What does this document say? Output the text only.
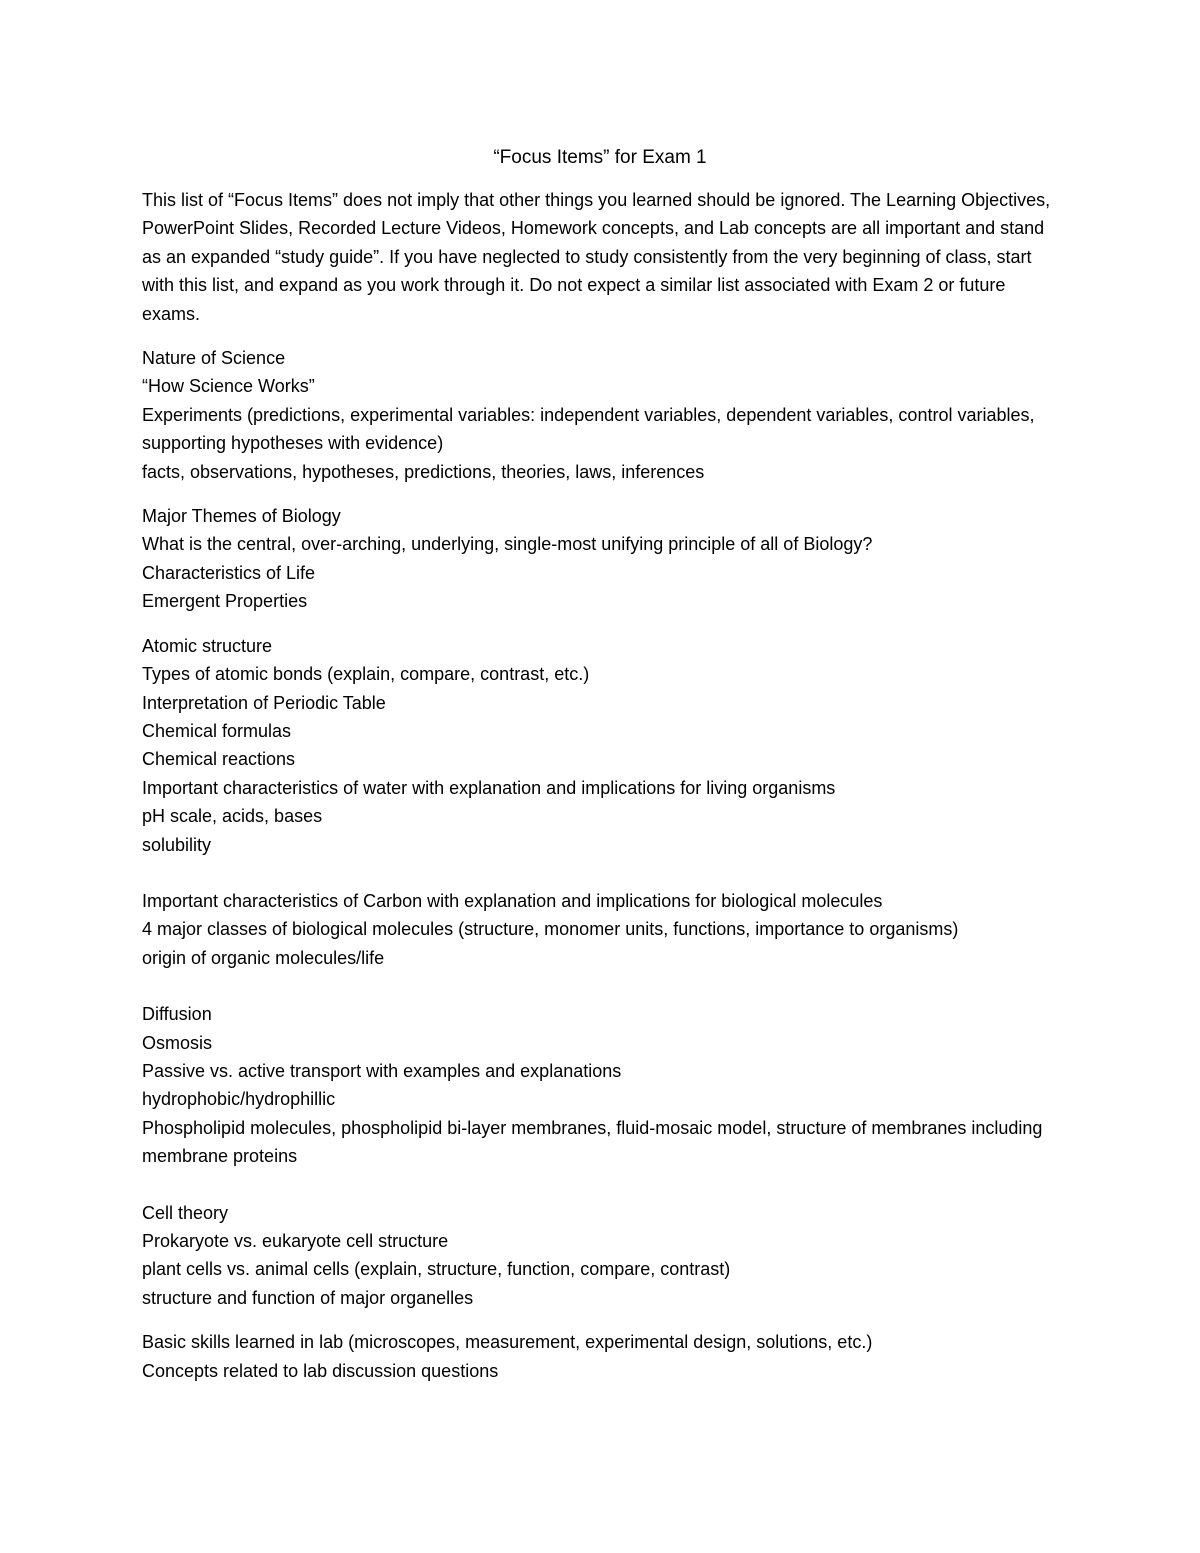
“Focus Items” for Exam 1

This list of “Focus Items” does not imply that other things you learned should be ignored. The Learning Objectives, PowerPoint Slides, Recorded Lecture Videos, Homework concepts, and Lab concepts are all important and stand as an expanded “study guide”. If you have neglected to study consistently from the very beginning of class, start with this list, and expand as you work through it. Do not expect a similar list associated with Exam 2 or future exams.

Nature of Science
“How Science Works”
Experiments (predictions, experimental variables: independent variables, dependent variables, control variables, supporting hypotheses with evidence)
facts, observations, hypotheses, predictions, theories, laws, inferences
Major Themes of Biology
What is the central, over-arching, underlying, single-most unifying principle of all of Biology?
Characteristics of Life
Emergent Properties
Atomic structure
Types of atomic bonds (explain, compare, contrast, etc.)
Interpretation of Periodic Table
Chemical formulas
Chemical reactions
Important characteristics of water with explanation and implications for living organisms
pH scale, acids, bases
solubility
Important characteristics of Carbon with explanation and implications for biological molecules
4 major classes of biological molecules (structure, monomer units, functions, importance to organisms)
origin of organic molecules/life
Diffusion
Osmosis
Passive vs. active transport with examples and explanations
hydrophobic/hydrophillic
Phospholipid molecules, phospholipid bi-layer membranes, fluid-mosaic model, structure of membranes including membrane proteins
Cell theory
Prokaryote vs. eukaryote cell structure
plant cells vs. animal cells (explain, structure, function, compare, contrast)
structure and function of major organelles
Basic skills learned in lab (microscopes, measurement, experimental design, solutions, etc.)
Concepts related to lab discussion questions
